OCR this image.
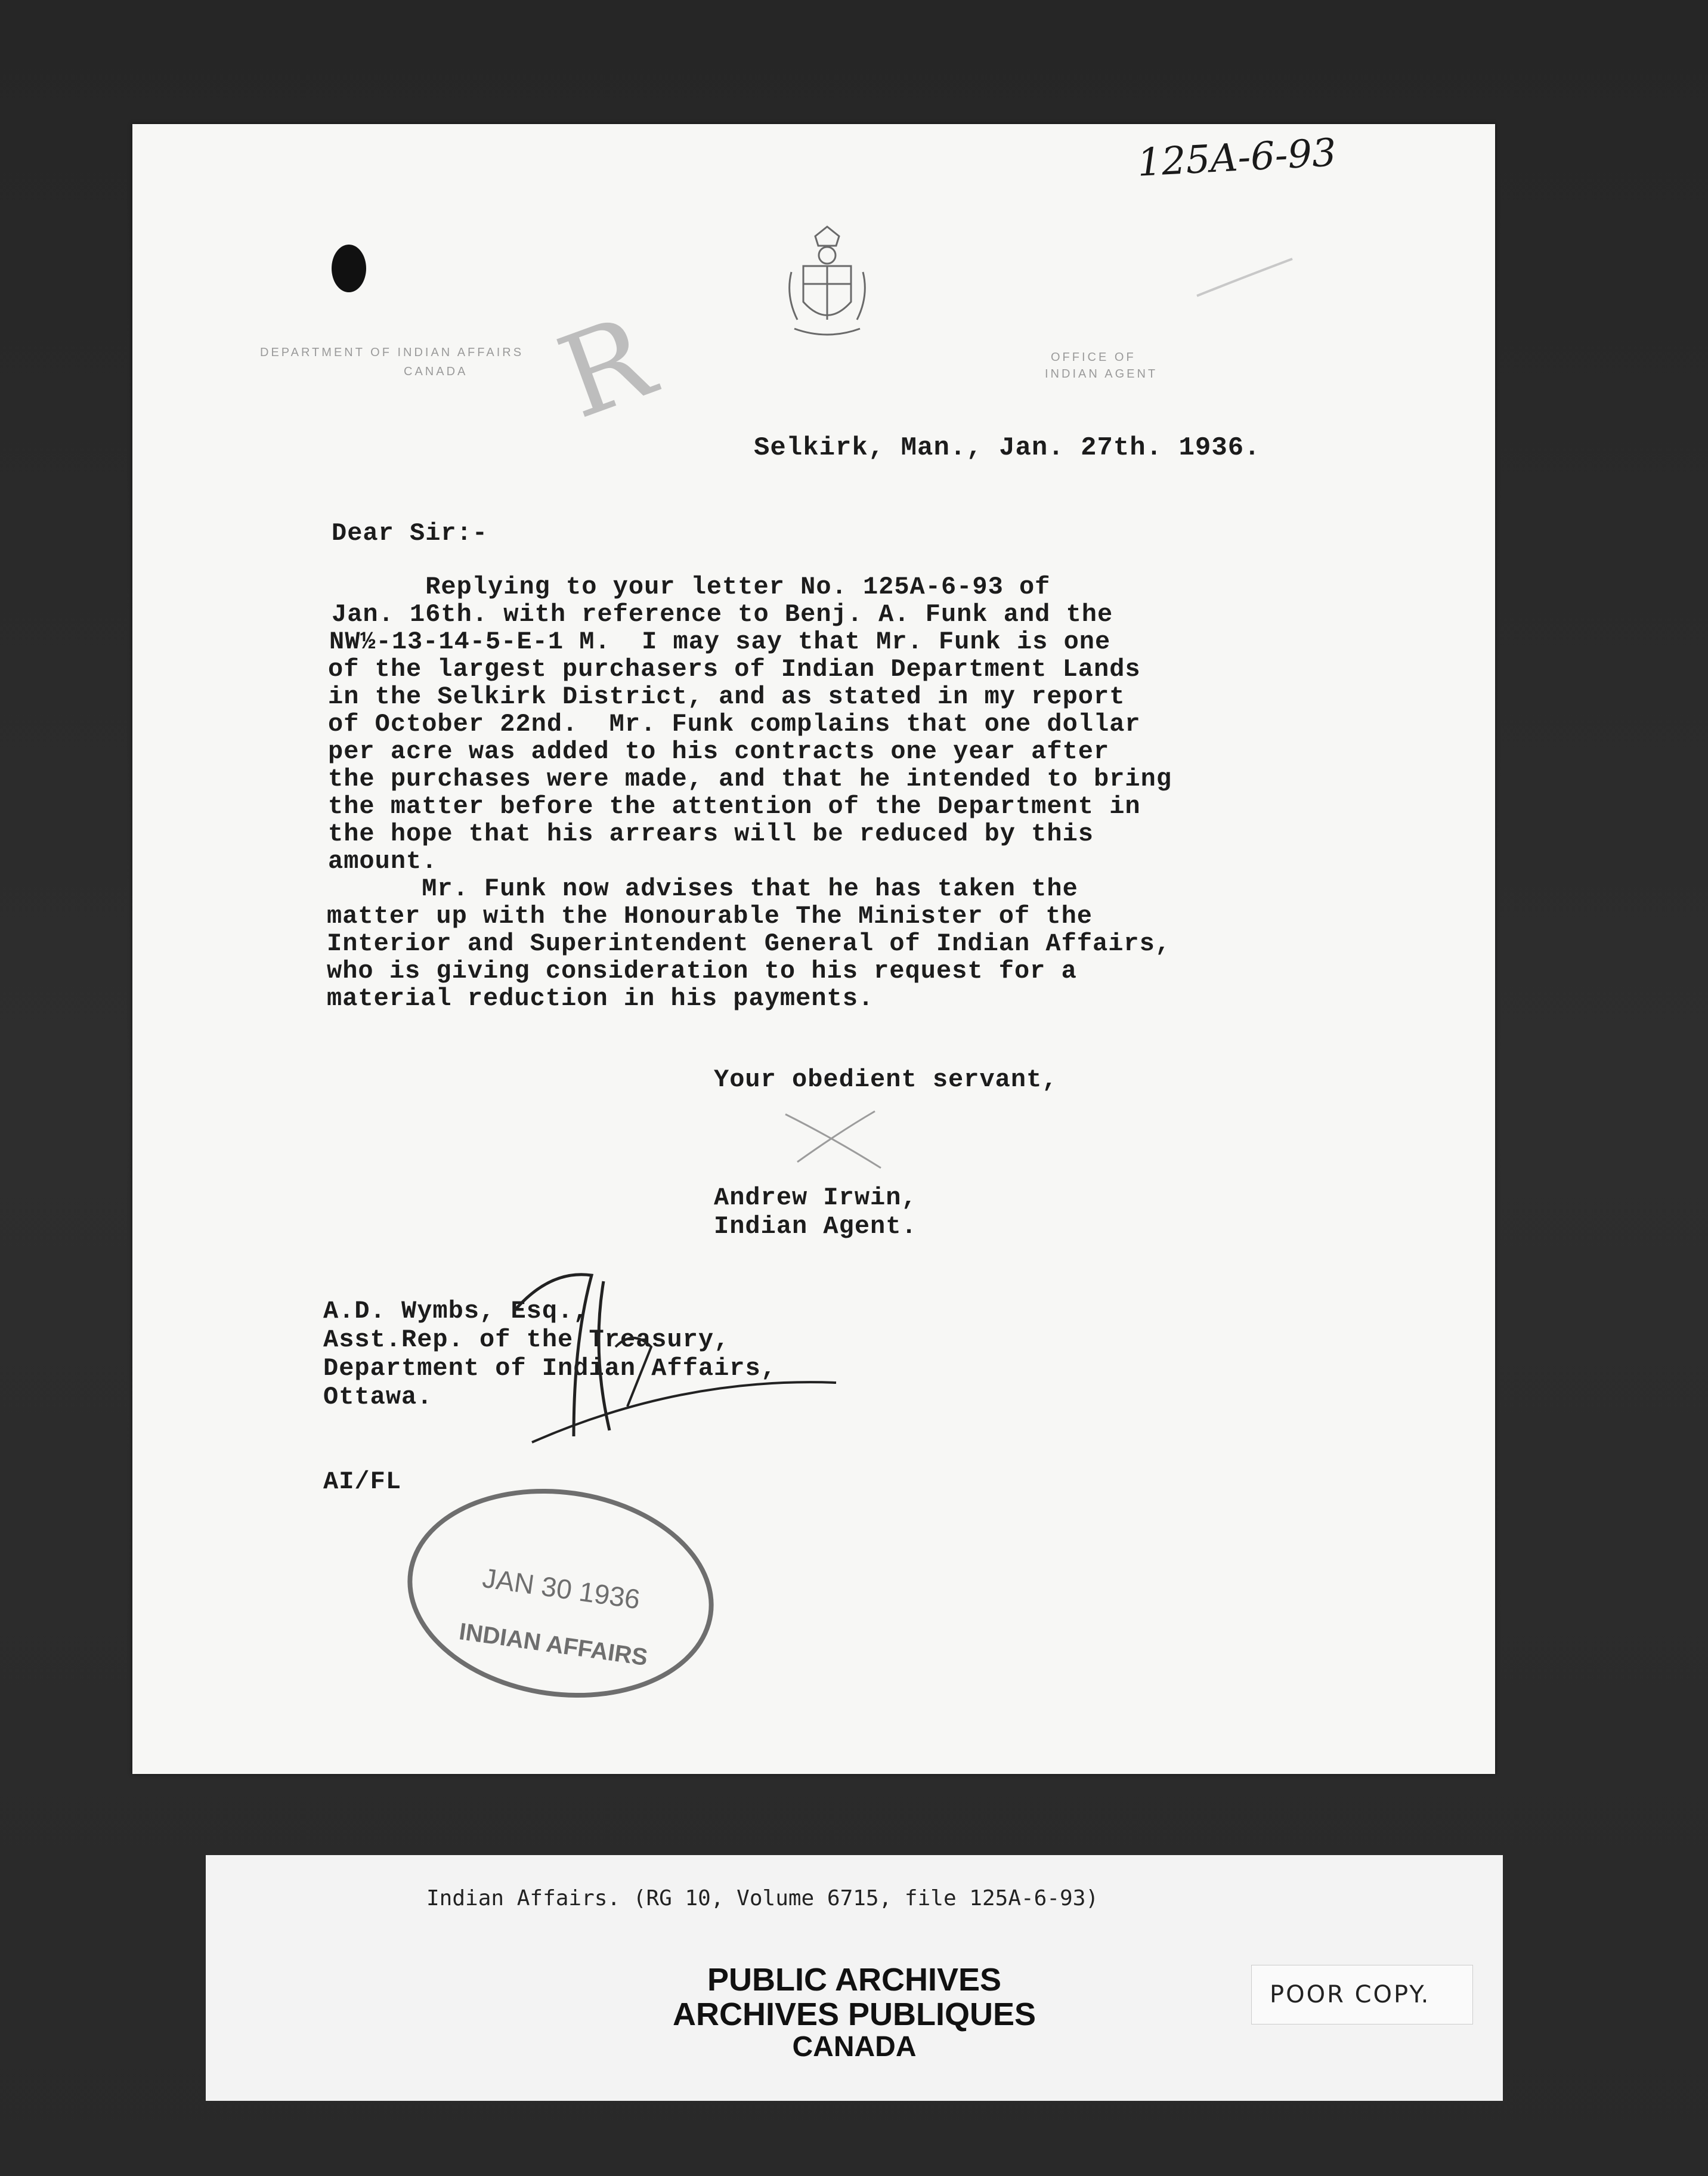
125A-6-93
DEPARTMENT OF INDIAN AFFAIRS
CANADA
OFFICE OF
INDIAN AGENT
R
Selkirk, Man., Jan. 27th. 1936.
Dear Sir:-
Replying to your letter No. 125A-6-93 of
Jan. 16th. with reference to Benj. A. Funk and the
NW½-13-14-5-E-1 M.  I may say that Mr. Funk is one
of the largest purchasers of Indian Department Lands
in the Selkirk District, and as stated in my report
of October 22nd.  Mr. Funk complains that one dollar
per acre was added to his contracts one year after
the purchases were made, and that he intended to bring
the matter before the attention of the Department in
the hope that his arrears will be reduced by this
amount.
Mr. Funk now advises that he has taken the
matter up with the Honourable The Minister of the
Interior and Superintendent General of Indian Affairs,
who is giving consideration to his request for a
material reduction in his payments.
Your obedient servant,
Andrew Irwin,
Indian Agent.
A.D. Wymbs, Esq.,
Asst.Rep. of the Treasury,
Department of Indian Affairs,
Ottawa.
AI/FL
JAN 30 1936
INDIAN AFFAIRS
Indian Affairs. (RG 10, Volume 6715, file 125A-6-93)
PUBLIC ARCHIVES
ARCHIVES PUBLIQUES
CANADA
POOR COPY.
